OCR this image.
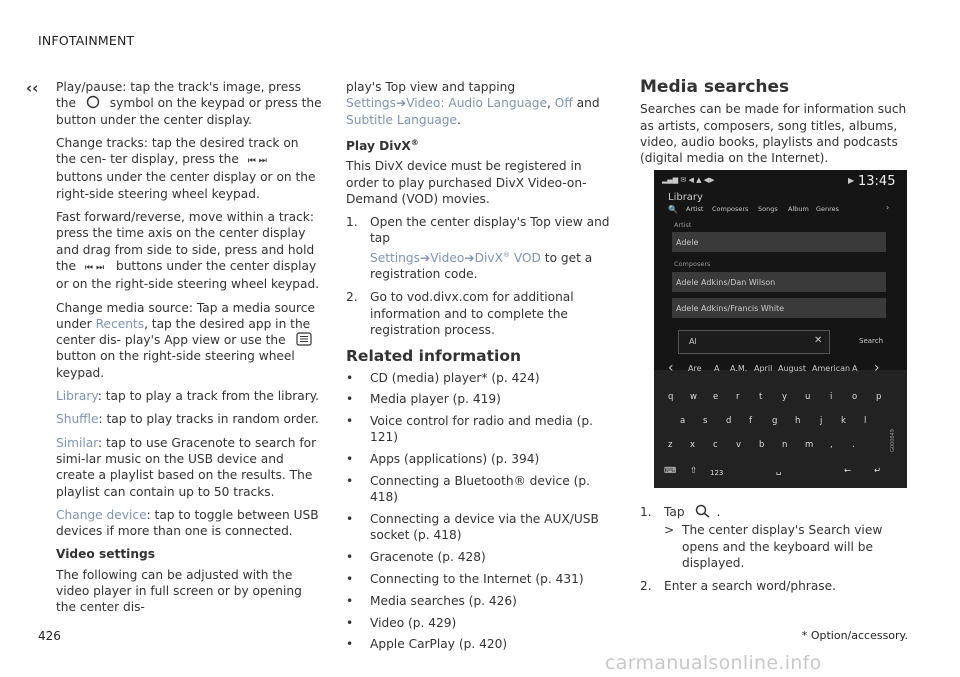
INFOTAINMENT
‹‹ Play/pause: tap the track's image, press the	symbol on the keypad or press the button under the center display.

Change tracks: tap the desired track on the cen- ter display, press the ⏮⏭ buttons under the center display or on the right-side steering wheel keypad.

Fast forward/reverse, move within a track: press the time axis on the center display and drag from side to side, press and hold the ⏮⏭ buttons under the center display or on the right-side steering wheel keypad.

Change media source: Tap a media source under Recents, tap the desired app in the center dis- play's App view or use the  button on the right-side steering wheel keypad.

Library: tap to play a track from the library.

Shuffle: tap to play tracks in random order.

Similar: tap to use Gracenote to search for simi-lar music on the USB device and create a playlist based on the results. The playlist can contain up to 50 tracks.

Change device: tap to toggle between USB devices if more than one is connected.

Video settings
The following can be adjusted with the video player in full screen or by opening the center dis-

play's Top view and tapping Settings➔Video: Audio Language, Off and Subtitle Language.

Play DivX®

This DivX device must be registered in order to play purchased DivX Video-on-Demand (VOD) movies.

1. Open the center display's Top view and tap
Settings➔Video➔DivX® VOD to get a registration code.
2. Go to vod.divx.com for additional information and to complete the registration process.
Related information
• CD (media) player* (p. 424)
• Media player (p. 419)
• Voice control for radio and media (p. 121)
• Apps (applications) (p. 394)
• Connecting a Bluetooth® device (p. 418)
• Connecting a device via the AUX/USB socket (p. 418)
• Gracenote (p. 428)
• Connecting to the Internet (p. 431)
• Media searches (p. 426)
• Video (p. 429)
• Apple CarPlay (p. 420)
Media searches

Searches can be made for information such as artists, composers, song titles, albums, video, audio books, playlists and podcasts (digital media on the Internet).

▂▄▆ ✉ ◀ ▲ ◀▶	▶ 13:45
Library
🔍 Artist Composers Songs Album Genres	›
Artist
Adele
Composers
Adele Adkins/Dan Wilson
Adele Adkins/Francis White
Al	✕	Search
‹ Are A A.M. April August American A ›
q w e r t y u i o p
a s d f g h j k l
z x c v b n m , .
⌨ ⇧ 123	␣	←	↵
G000849
1. Tap	.
> The center display's Search view opens and the keyboard will be displayed.
2. Enter a search word/phrase.
426	* Option/accessory.
carmanualsonline.info
